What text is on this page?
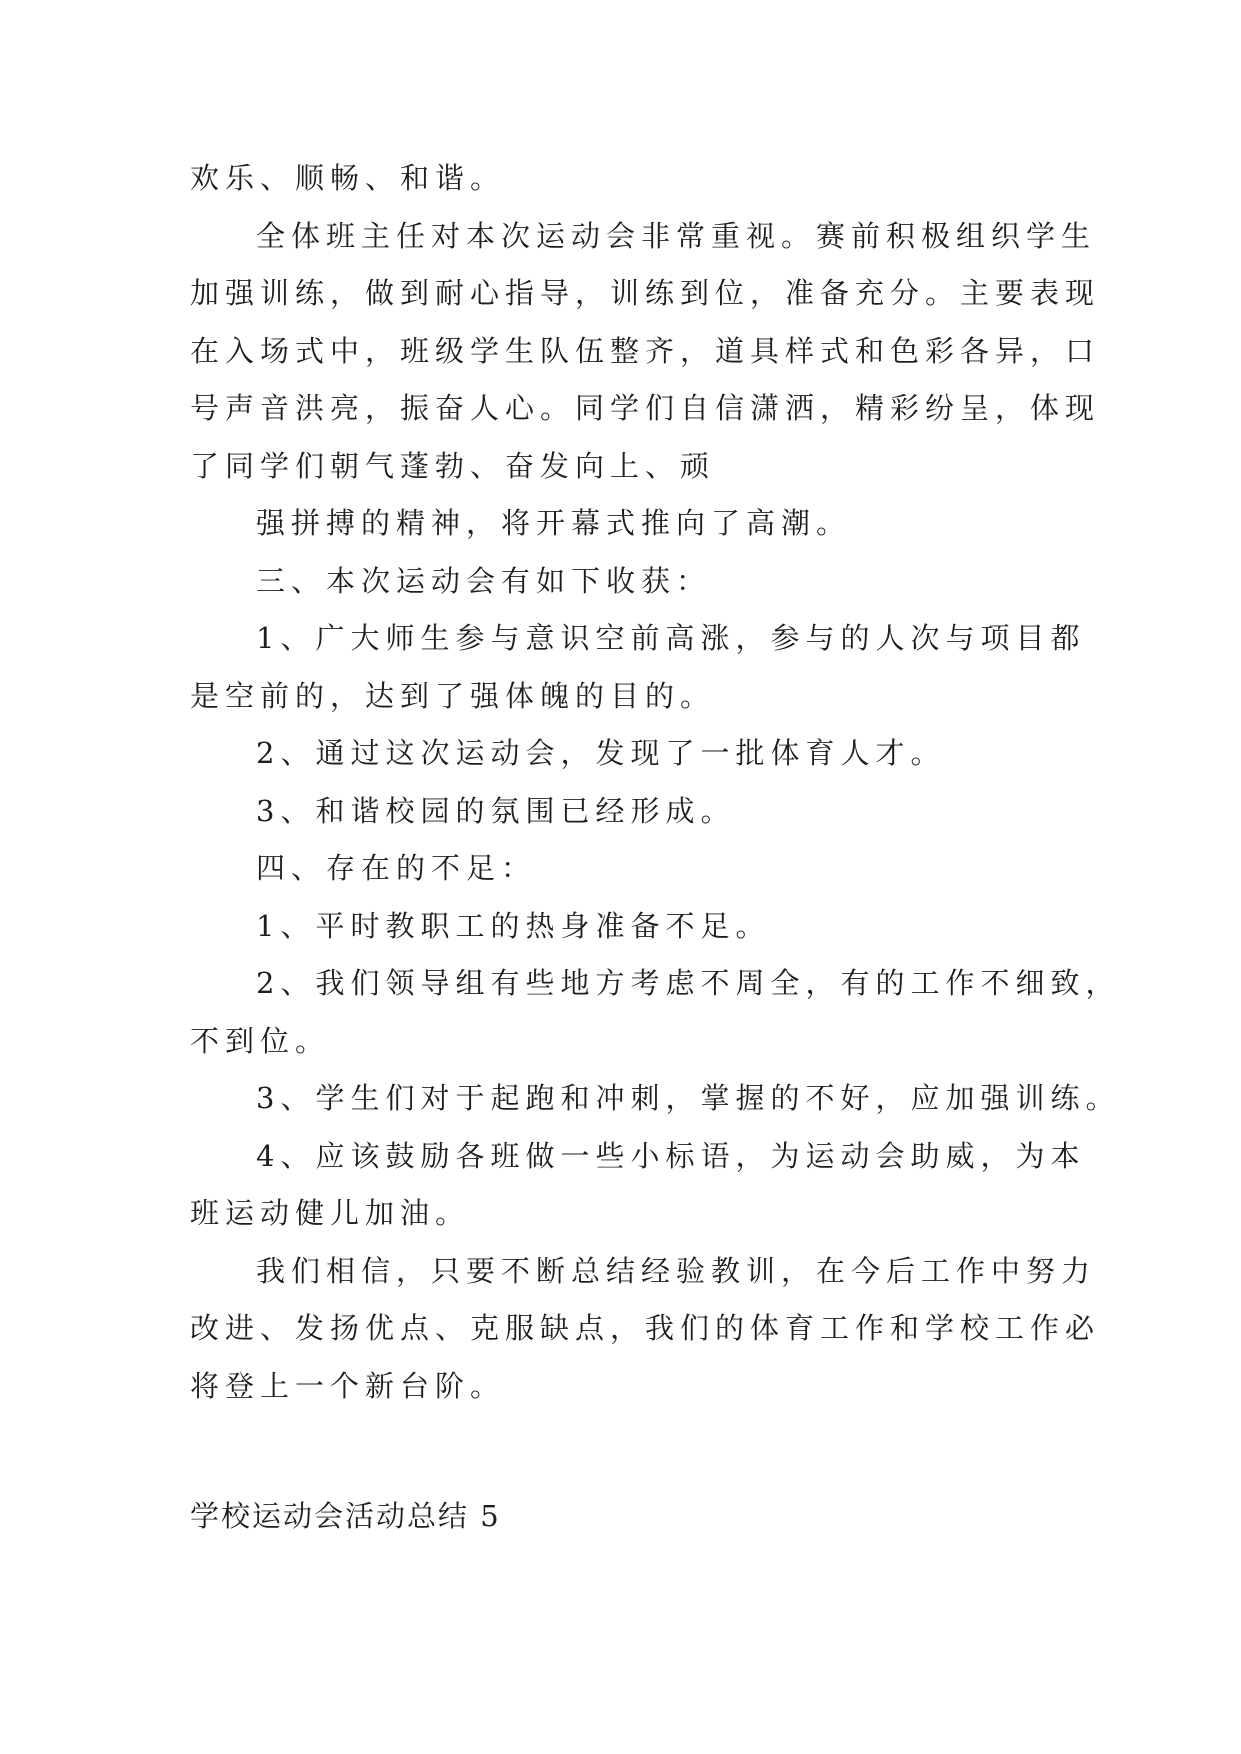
欢乐、顺畅、和谐。

全体班主任对本次运动会非常重视。赛前积极组织学生

加强训练，做到耐心指导，训练到位，准备充分。主要表现

在入场式中，班级学生队伍整齐，道具样式和色彩各异，口

号声音洪亮，振奋人心。同学们自信潇洒，精彩纷呈，体现

了同学们朝气蓬勃、奋发向上、顽

强拼搏的精神，将开幕式推向了高潮。

三、本次运动会有如下收获：

1、广大师生参与意识空前高涨，参与的人次与项目都

是空前的，达到了强体魄的目的。

2、通过这次运动会，发现了一批体育人才。

3、和谐校园的氛围已经形成。

四、存在的不足：

1、平时教职工的热身准备不足。

2、我们领导组有些地方考虑不周全，有的工作不细致，

不到位。

3、学生们对于起跑和冲刺，掌握的不好，应加强训练。

4、应该鼓励各班做一些小标语，为运动会助威，为本

班运动健儿加油。

我们相信，只要不断总结经验教训，在今后工作中努力

改进、发扬优点、克服缺点，我们的体育工作和学校工作必

将登上一个新台阶。

学校运动会活动总结 5
